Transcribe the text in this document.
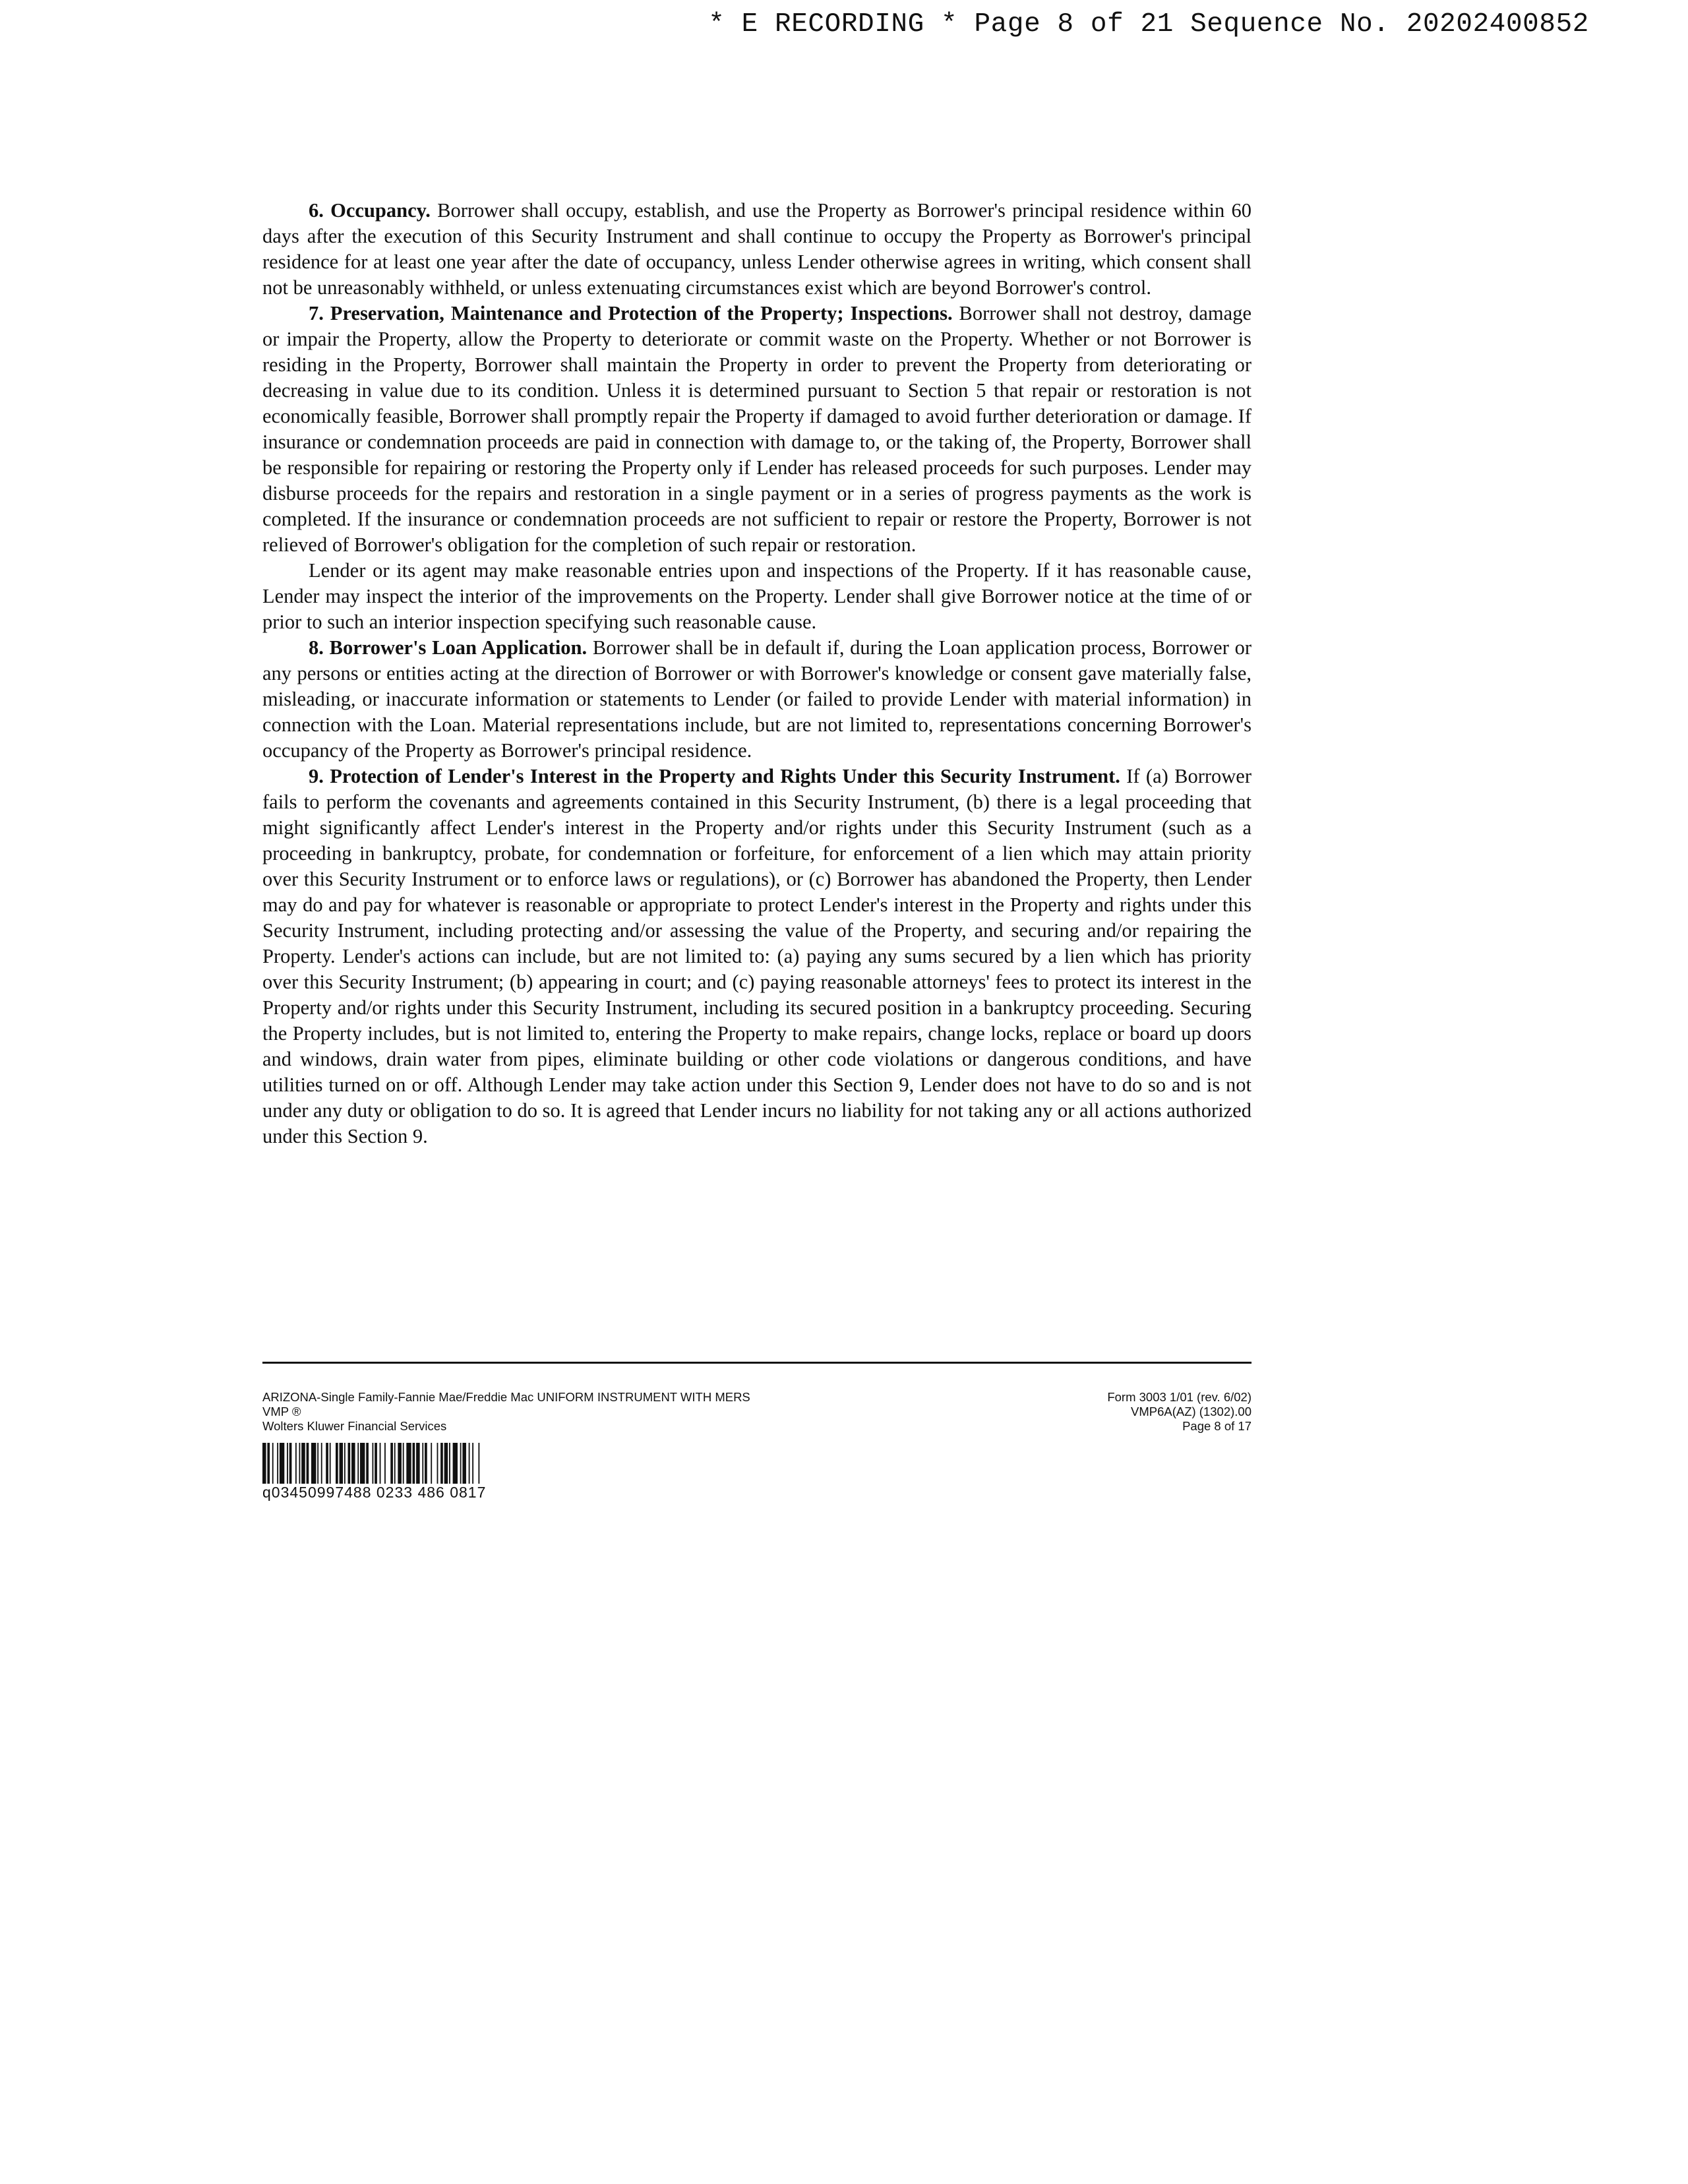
* E RECORDING * Page 8 of 21 Sequence No. 20202400852

6. Occupancy. Borrower shall occupy, establish, and use the Property as Borrower's principal residence within 60 days after the execution of this Security Instrument and shall continue to occupy the Property as Borrower's principal residence for at least one year after the date of occupancy, unless Lender otherwise agrees in writing, which consent shall not be unreasonably withheld, or unless extenuating circumstances exist which are beyond Borrower's control.

7. Preservation, Maintenance and Protection of the Property; Inspections. Borrower shall not destroy, damage or impair the Property, allow the Property to deteriorate or commit waste on the Property. Whether or not Borrower is residing in the Property, Borrower shall maintain the Property in order to prevent the Property from deteriorating or decreasing in value due to its condition. Unless it is determined pursuant to Section 5 that repair or restoration is not economically feasible, Borrower shall promptly repair the Property if damaged to avoid further deterioration or damage. If insurance or condemnation proceeds are paid in connection with damage to, or the taking of, the Property, Borrower shall be responsible for repairing or restoring the Property only if Lender has released proceeds for such purposes. Lender may disburse proceeds for the repairs and restoration in a single payment or in a series of progress payments as the work is completed. If the insurance or condemnation proceeds are not sufficient to repair or restore the Property, Borrower is not relieved of Borrower's obligation for the completion of such repair or restoration.

Lender or its agent may make reasonable entries upon and inspections of the Property. If it has reasonable cause, Lender may inspect the interior of the improvements on the Property. Lender shall give Borrower notice at the time of or prior to such an interior inspection specifying such reasonable cause.

8. Borrower's Loan Application. Borrower shall be in default if, during the Loan application process, Borrower or any persons or entities acting at the direction of Borrower or with Borrower's knowledge or consent gave materially false, misleading, or inaccurate information or statements to Lender (or failed to provide Lender with material information) in connection with the Loan. Material representations include, but are not limited to, representations concerning Borrower's occupancy of the Property as Borrower's principal residence.

9. Protection of Lender's Interest in the Property and Rights Under this Security Instrument. If (a) Borrower fails to perform the covenants and agreements contained in this Security Instrument, (b) there is a legal proceeding that might significantly affect Lender's interest in the Property and/or rights under this Security Instrument (such as a proceeding in bankruptcy, probate, for condemnation or forfeiture, for enforcement of a lien which may attain priority over this Security Instrument or to enforce laws or regulations), or (c) Borrower has abandoned the Property, then Lender may do and pay for whatever is reasonable or appropriate to protect Lender's interest in the Property and rights under this Security Instrument, including protecting and/or assessing the value of the Property, and securing and/or repairing the Property. Lender's actions can include, but are not limited to: (a) paying any sums secured by a lien which has priority over this Security Instrument; (b) appearing in court; and (c) paying reasonable attorneys' fees to protect its interest in the Property and/or rights under this Security Instrument, including its secured position in a bankruptcy proceeding. Securing the Property includes, but is not limited to, entering the Property to make repairs, change locks, replace or board up doors and windows, drain water from pipes, eliminate building or other code violations or dangerous conditions, and have utilities turned on or off. Although Lender may take action under this Section 9, Lender does not have to do so and is not under any duty or obligation to do so. It is agreed that Lender incurs no liability for not taking any or all actions authorized under this Section 9.

ARIZONA-Single Family-Fannie Mae/Freddie Mac UNIFORM INSTRUMENT WITH MERS
VMP ®
Wolters Kluwer Financial Services
Form 3003 1/01 (rev. 6/02)
VMP6A(AZ) (1302).00
Page 8 of 17
q03450997488 0233 486 0817
